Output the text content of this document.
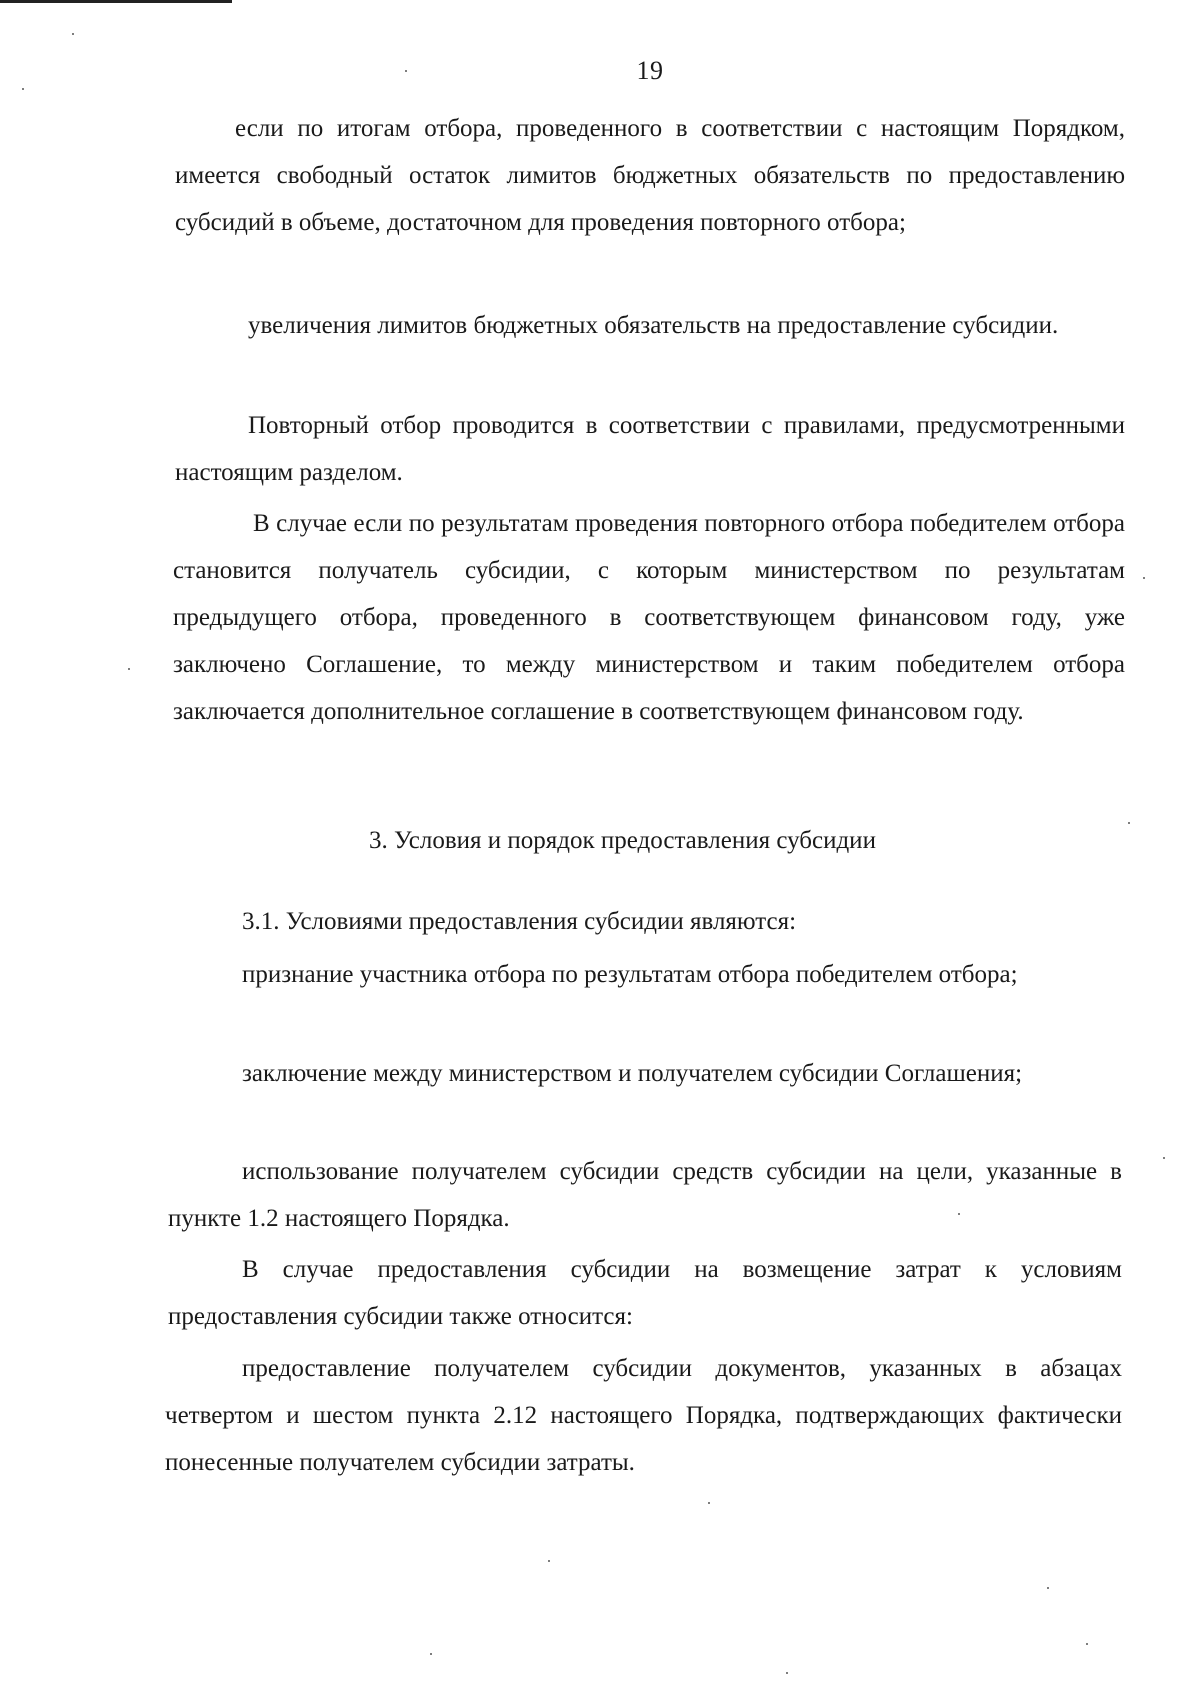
19

если по итогам отбора, проведенного в соответствии с настоящим Порядком, имеется свободный остаток лимитов бюджетных обязательств по предоставлению субсидий в объеме, достаточном для проведения повторного отбора;

увеличения лимитов бюджетных обязательств на предоставление субсидии.

Повторный отбор проводится в соответствии с правилами, предусмотренными настоящим разделом.

В случае если по результатам проведения повторного отбора победителем отбора становится получатель субсидии, с которым министерством по результатам предыдущего отбора, проведенного в соответствующем финансовом году, уже заключено Соглашение, то между министерством и таким победителем отбора заключается дополнительное соглашение в соответствующем финансовом году.

3. Условия и порядок предоставления субсидии

3.1. Условиями предоставления субсидии являются:

признание участника отбора по результатам отбора победителем отбора;

заключение между министерством и получателем субсидии Соглашения;

использование получателем субсидии средств субсидии на цели, указанные в пункте 1.2 настоящего Порядка.

В случае предоставления субсидии на возмещение затрат к условиям предоставления субсидии также относится:

предоставление получателем субсидии документов, указанных в абзацах четвертом и шестом пункта 2.12 настоящего Порядка, подтверждающих фактически понесенные получателем субсидии затраты.
